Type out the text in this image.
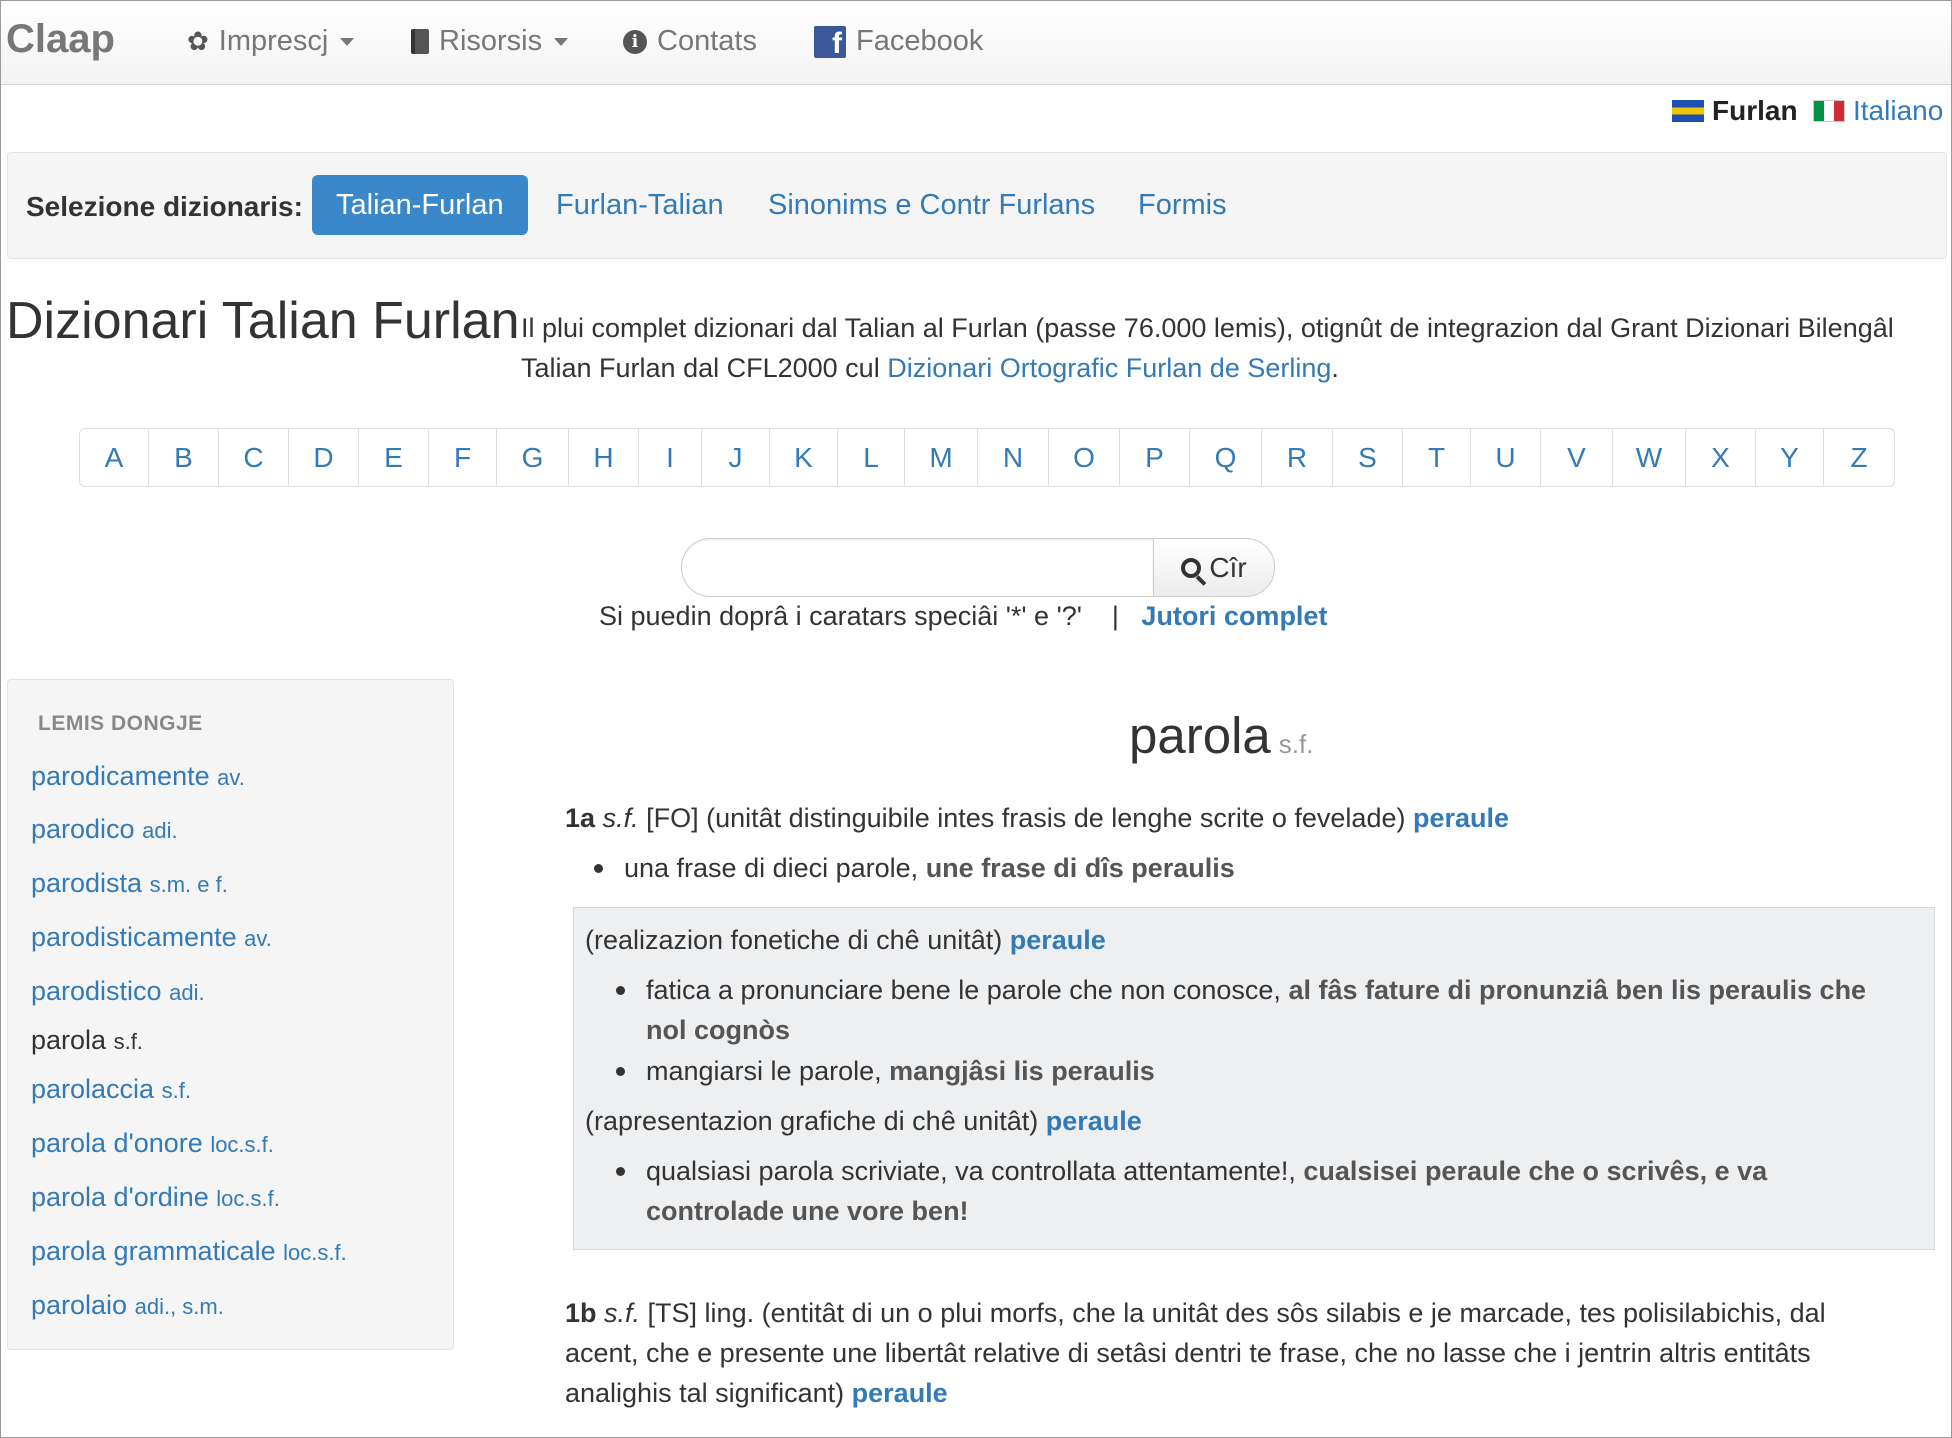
Claap	✿ Imprescj	Risorsis	i Contats	f Facebook
Furlan Italiano
Selezione dizionaris:	Talian-Furlan	Furlan-Talian	Sinonims e Contr Furlans	Formis
Dizionari Talian Furlan Il plui complet dizionari dal Talian al Furlan (passe 76.000 lemis), otignût de integrazion dal Grant Dizionari Bilengâl Talian Furlan dal CFL2000 cul Dizionari Ortografic Furlan de Serling.
A	B	C	D	E	F	G	H	I	J	K	L	M	N	O	P	Q	R	S	T	U	V	W	X	Y	Z
Cîr
Si puedin doprâ i caratars speciâi '*' e '?'    |   Jutori complet
LEMIS DONGJE
parodicamente av.
parodico adi.
parodista s.m. e f.
parodisticamente av.
parodistico adi.
parola s.f.
parolaccia s.f.
parola d'onore loc.s.f.
parola d'ordine loc.s.f.
parola grammaticale loc.s.f.
parolaio adi., s.m.
parola s.f.
1a s.f. [FO] (unitât distinguibile intes frasis de lenghe scrite o fevelade) peraule
una frase di dieci parole, une frase di dîs peraulis
(realizazion fonetiche di chê unitât) peraule
fatica a pronunciare bene le parole che non conosce, al fâs fature di pronunziâ ben lis peraulis che
nol cognòs
mangiarsi le parole, mangjâsi lis peraulis
(rapresentazion grafiche di chê unitât) peraule
qualsiasi parola scriviate, va controllata attentamente!, cualsisei peraule che o scrivês, e va
controlade une vore ben!
1b s.f. [TS] ling. (entitât di un o plui morfs, che la unitât des sôs silabis e je marcade, tes polisilabichis, dal
acent, che e presente une libertât relative di setâsi dentri te frase, che no lasse che i jentrin altris entitâts
analighis tal significant) peraule
